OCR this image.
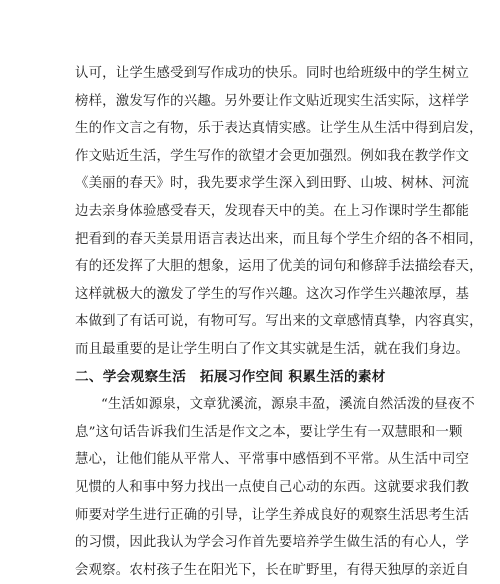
认可，让学生感受到写作成功的快乐。同时也给班级中的学生树立
榜样，激发写作的兴趣。另外要让作文贴近现实生活实际，这样学
生的作文言之有物，乐于表达真情实感。让学生从生活中得到启发，
作文贴近生活，学生写作的欲望才会更加强烈。例如我在教学作文
《美丽的春天》时，我先要求学生深入到田野、山坡、树林、河流
边去亲身体验感受春天，发现春天中的美。在上习作课时学生都能
把看到的春天美景用语言表达出来，而且每个学生介绍的各不相同，
有的还发挥了大胆的想象，运用了优美的词句和修辞手法描绘春天，
这样就极大的激发了学生的写作兴趣。这次习作学生兴趣浓厚，基
本做到了有话可说，有物可写。写出来的文章感情真挚，内容真实，
而且最重要的是让学生明白了作文其实就是生活，就在我们身边。
二、学会观察生活　拓展习作空间 积累生活的素材
“生活如源泉，文章犹溪流，源泉丰盈，溪流自然活泼的昼夜不
息”这句话告诉我们生活是作文之本，要让学生有一双慧眼和一颗
慧心，让他们能从平常人、平常事中感悟到不平常。从生活中司空
见惯的人和事中努力找出一点使自己心动的东西。这就要求我们教
师要对学生进行正确的引导，让学生养成良好的观察生活思考生活
的习惯，因此我认为学会习作首先要培养学生做生活的有心人，学
会观察。农村孩子生在阳光下，长在旷野里，有得天独厚的亲近自
